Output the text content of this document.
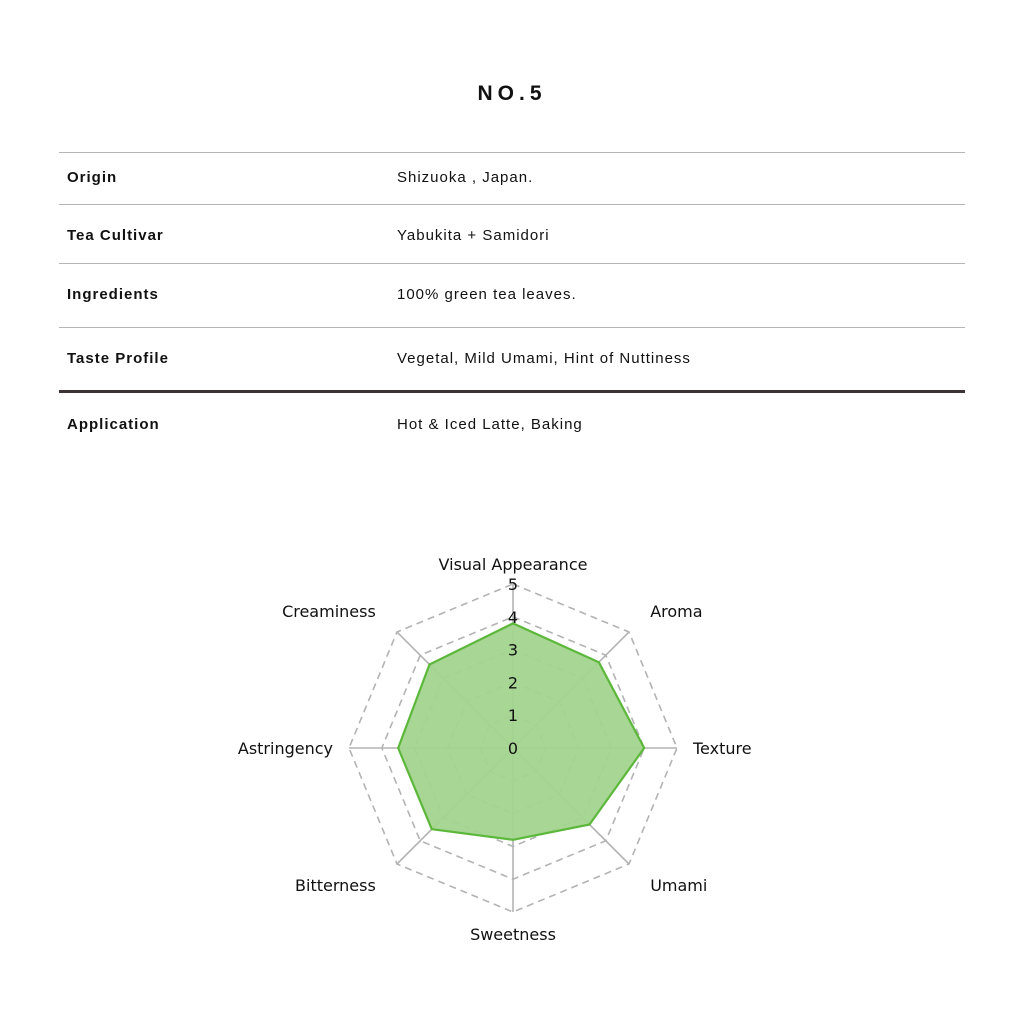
NO.5
Origin	Shizuoka , Japan.
Tea Cultivar	Yabukita + Samidori
Ingredients	100% green tea leaves.
Taste Profile	Vegetal, Mild Umami, Hint of Nuttiness
Application	Hot & Iced Latte, Baking
0
1
2
3
4
5
Visual Appearance
Aroma
Texture
Umami
Sweetness
Bitterness
Astringency
Creaminess
